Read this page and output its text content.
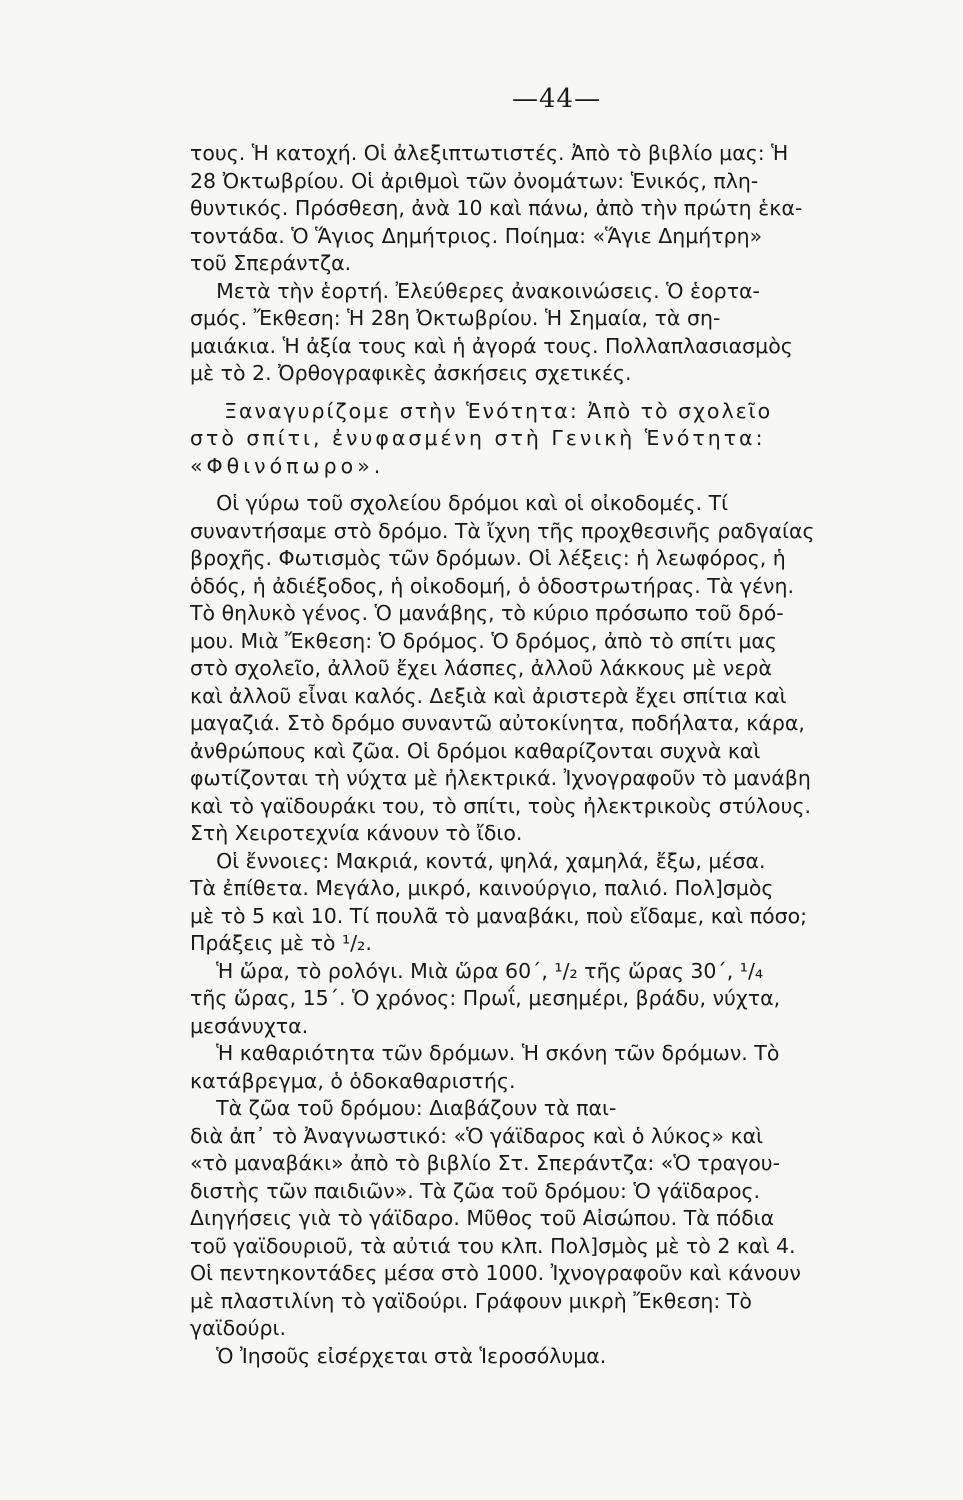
—44—
τους. Ἡ κατοχή. Οἱ ἀλεξιπτωτιστές. Ἀπὸ τὸ βιβλίο μας: Ἡ
28 Ὀκτωβρίου. Οἱ ἀριθμοὶ τῶν ὀνομάτων: Ἑνικός, πλη-
θυντικός. Πρόσθεση, ἀνὰ 10 καὶ πάνω, ἀπὸ τὴν πρώτη ἑκα-
τοντάδα. Ὁ Ἅγιος Δημήτριος. Ποίημα: «Ἅγιε Δημήτρη»
τοῦ Σπεράντζα.
Μετὰ τὴν ἑορτή. Ἐλεύθερες ἀνακοινώσεις. Ὁ ἑορτα-
σμός. Ἔκθεση: Ἡ 28η Ὀκτωβρίου. Ἡ Σημαία, τὰ ση-
μαιάκια. Ἡ ἀξία τους καὶ ἡ ἀγορά τους. Πολλαπλασιασμὸς
μὲ τὸ 2. Ὀρθογραφικὲς ἀσκήσεις σχετικές.
Ξαναγυρίζομε στὴν Ἑνότητα: Ἀπὸ τὸ σχολεῖο
στὸ σπίτι, ἐνυφασμένη στὴ Γενικὴ Ἑνότητα:
«Φθινόπωρο».
Οἱ γύρω τοῦ σχολείου δρόμοι καὶ οἱ οἰκοδομές. Τί
συναντήσαμε στὸ δρόμο. Τὰ ἴχνη τῆς προχθεσινῆς ραδγαίας
βροχῆς. Φωτισμὸς τῶν δρόμων. Οἱ λέξεις: ἡ λεωφόρος, ἡ
ὁδός, ἡ ἀδιέξοδος, ἡ οἰκοδομή, ὁ ὁδοστρωτήρας. Τὰ γένη.
Τὸ θηλυκὸ γένος. Ὁ μανάβης, τὸ κύριο πρόσωπο τοῦ δρό-
μου. Μιὰ Ἔκθεση: Ὁ δρόμος. Ὁ δρόμος, ἀπὸ τὸ σπίτι μας
στὸ σχολεῖο, ἀλλοῦ ἔχει λάσπες, ἀλλοῦ λάκκους μὲ νερὰ
καὶ ἀλλοῦ εἶναι καλός. Δεξιὰ καὶ ἀριστερὰ ἔχει σπίτια καὶ
μαγαζιά. Στὸ δρόμο συναντῶ αὐτοκίνητα, ποδήλατα, κάρα,
ἀνθρώπους καὶ ζῶα. Οἱ δρόμοι καθαρίζονται συχνὰ καὶ
φωτίζονται τὴ νύχτα μὲ ἠλεκτρικά. Ἰχνογραφοῦν τὸ μανάβη
καὶ τὸ γαϊδουράκι του, τὸ σπίτι, τοὺς ἠλεκτρικοὺς στύλους.
Στὴ Χειροτεχνία κάνουν τὸ ἴδιο.
Οἱ ἔννοιες: Μακριά, κοντά, ψηλά, χαμηλά, ἔξω, μέσα.
Τὰ ἐπίθετα. Μεγάλο, μικρό, καινούργιο, παλιό. Πολ]σμὸς
μὲ τὸ 5 καὶ 10. Τί πουλᾶ τὸ μαναβάκι, ποὺ εἴδαμε, καὶ πόσο;
Πράξεις μὲ τὸ ¹/₂.
Ἡ ὥρα, τὸ ρολόγι. Μιὰ ὥρα 60΄, ¹/₂ τῆς ὥρας 30΄, ¹/₄
τῆς ὥρας, 15΄. Ὁ χρόνος: Πρωΐ, μεσημέρι, βράδυ, νύχτα,
μεσάνυχτα.
Ἡ καθαριότητα τῶν δρόμων. Ἡ σκόνη τῶν δρόμων. Τὸ
κατάβρεγμα, ὁ ὁδοκαθαριστής.
Τὰ ζῶα τοῦ δρόμου: Διαβάζουν τὰ παι-
διὰ ἀπ᾽ τὸ Ἀναγνωστικό: «Ὁ γάϊδαρος καὶ ὁ λύκος» καὶ
«τὸ μαναβάκι» ἀπὸ τὸ βιβλίο Στ. Σπεράντζα: «Ὁ τραγου-
διστὴς τῶν παιδιῶν». Τὰ ζῶα τοῦ δρόμου: Ὁ γάϊδαρος.
Διηγήσεις γιὰ τὸ γάϊδαρο. Μῦθος τοῦ Αἰσώπου. Τὰ πόδια
τοῦ γαϊδουριοῦ, τὰ αὐτιά του κλπ. Πολ]σμὸς μὲ τὸ 2 καὶ 4.
Οἱ πεντηκοντάδες μέσα στὸ 1000. Ἰχνογραφοῦν καὶ κάνουν
μὲ πλαστιλίνη τὸ γαϊδούρι. Γράφουν μικρὴ Ἔκθεση: Τὸ
γαϊδούρι.
Ὁ Ἰησοῦς εἰσέρχεται στὰ Ἱεροσόλυμα.
